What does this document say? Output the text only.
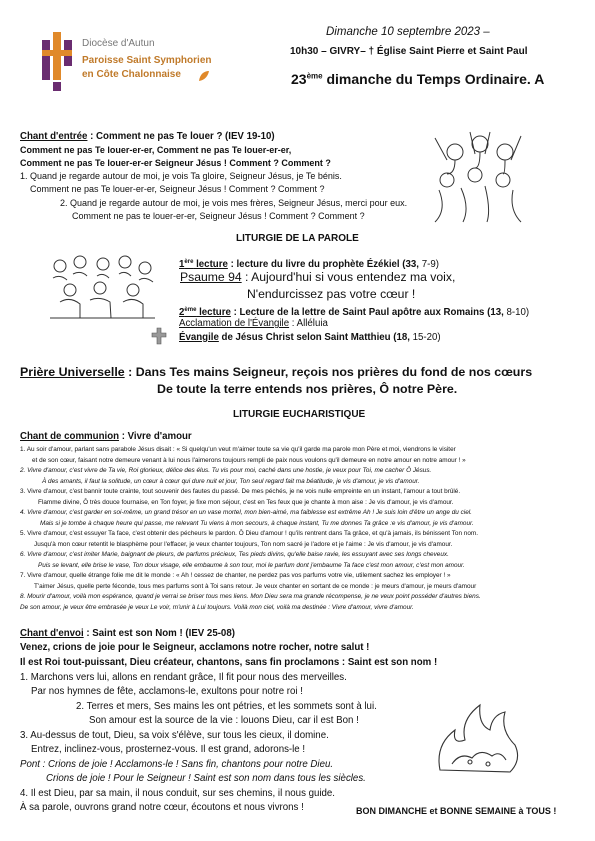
Diocèse d'Autun
Paroisse Saint Symphorien
en Côte Chalonnaise
Dimanche 10 septembre 2023 –
10h30 – GIVRY– † Église Saint Pierre et Saint Paul
23ème dimanche du Temps Ordinaire. A
Chant d'entrée : Comment ne pas Te louer ? (IEV 19-10)
Comment ne pas Te louer-er-er, Comment ne pas Te louer-er-er,
Comment ne pas Te louer-er-er Seigneur Jésus ! Comment ? Comment ?
1. Quand je regarde autour de moi, je vois Ta gloire, Seigneur Jésus, je Te bénis.
Comment ne pas Te louer-er-er, Seigneur Jésus ! Comment ? Comment ?
2. Quand je regarde autour de moi, je vois mes frères, Seigneur Jésus, merci pour eux.
Comment ne pas te louer-er-er, Seigneur Jésus ! Comment ? Comment ?
LITURGIE DE LA PAROLE
1ère lecture : lecture du livre du prophète Ézékiel (33, 7-9)
Psaume 94 : Aujourd'hui si vous entendez ma voix,
N'endurcissez pas votre cœur !
2ème lecture : Lecture de la lettre de Saint Paul apôtre aux Romains (13, 8-10)
Acclamation de l'Évangile : Alléluia
Évangile de Jésus Christ selon Saint Matthieu (18, 15-20)
Prière Universelle : Dans Tes mains Seigneur, reçois nos prières du fond de nos cœurs
De toute la terre entends nos prières, Ô notre Père.
LITURGIE EUCHARISTIQUE
Chant de communion : Vivre d'amour
1. Au soir d'amour, parlant sans parabole Jésus disait : « Si quelqu'un veut m'aimer toute sa vie qu'il garde ma parole mon Père et moi, viendrons le visiter
et de son cœur, faisant notre demeure venant à lui nous l'aimerons toujours rempli de paix nous voulons qu'il demeure en notre amour en notre amour ! »
2. Vivre d'amour, c'est vivre de Ta vie, Roi glorieux, délice des élus. Tu vis pour moi, caché dans une hostie, je veux pour Toi, me cacher Ô Jésus.
À des amants, il faut la solitude, un cœur à cœur qui dure nuit et jour, Ton seul regard fait ma béatitude, je vis d'amour, je vis d'amour.
3. Vivre d'amour, c'est bannir toute crainte, tout souvenir des fautes du passé. De mes péchés, je ne vois nulle empreinte en un instant, l'amour a tout brûlé.
Flamme divine, Ô très douce fournaise, en Ton foyer, je fixe mon séjour, c'est en Tes feux que je chante à mon aise : Je vis d'amour, je vis d'amour.
4. Vivre d'amour, c'est garder en soi-même, un grand trésor en un vase mortel, mon bien-aimé, ma faiblesse est extrême Ah ! Je suis loin d'être un ange du ciel.
Mais si je tombe à chaque heure qui passe, me relevant Tu viens à mon secours, à chaque instant, Tu me donnes Ta grâce :e vis d'amour, je vis d'amour.
5. Vivre d'amour, c'est essuyer Ta face, c'est obtenir des pécheurs le pardon. Ô Dieu d'amour ! qu'ils rentrent dans Ta grâce, et qu'à jamais, ils bénissent Ton nom.
Jusqu'à mon cœur retentit le blasphème pour l'effacer, je veux chanter toujours, Ton nom sacré je l'adore et je l'aime : Je vis d'amour, je vis d'amour.
6. Vivre d'amour, c'est imiter Marie, baignant de pleurs, de parfums précieux, Tes pieds divins, qu'elle baise ravie, les essuyant avec ses longs cheveux.
Puis se levant, elle brise le vase, Ton doux visage, elle embaume à son tour, moi le parfum dont j'embaume Ta face c'est mon amour, c'est mon amour.
7. Vivre d'amour, quelle étrange folie me dit le monde : « Ah ! cessez de chanter, ne perdez pas vos parfums votre vie, utilement sachez les employer ! »
T'aimer Jésus, quelle perte féconde, tous mes parfums sont à Toi sans retour. Je veux chanter en sortant de ce monde : je meurs d'amour, je meurs d'amour
8. Mourir d'amour, voilà mon espérance, quand je verrai se briser tous mes liens. Mon Dieu sera ma grande récompense, je ne veux point posséder d'autres biens.
De son amour, je veux être embrasée je veux Le voir, m'unir à Lui toujours. Voilà mon ciel, voilà ma destinée : Vivre d'amour, vivre d'amour.
Chant d'envoi : Saint est son Nom ! (IEV 25-08)
Venez, crions de joie pour le Seigneur, acclamons notre rocher, notre salut !
Il est Roi tout-puissant, Dieu créateur, chantons, sans fin proclamons : Saint est son nom !
1. Marchons vers lui, allons en rendant grâce, Il fit pour nous des merveilles.
Par nos hymnes de fête, acclamons-le, exultons pour notre roi !
2. Terres et mers, Ses mains les ont pétries, et les sommets sont à lui.
Son amour est la source de la vie : louons Dieu, car il est Bon !
3. Au-dessus de tout, Dieu, sa voix s'élève, sur tous les cieux, il domine.
Entrez, inclinez-vous, prosternez-vous. Il est grand, adorons-le !
Pont : Crions de joie ! Acclamons-le ! Sans fin, chantons pour notre Dieu.
Crions de joie ! Pour le Seigneur ! Saint est son nom dans tous les siècles.
4. Il est Dieu, par sa main, il nous conduit, sur ses chemins, il nous guide.
À sa parole, ouvrons grand notre cœur, écoutons et nous vivrons !	BON DIMANCHE et BONNE SEMAINE à TOUS !
